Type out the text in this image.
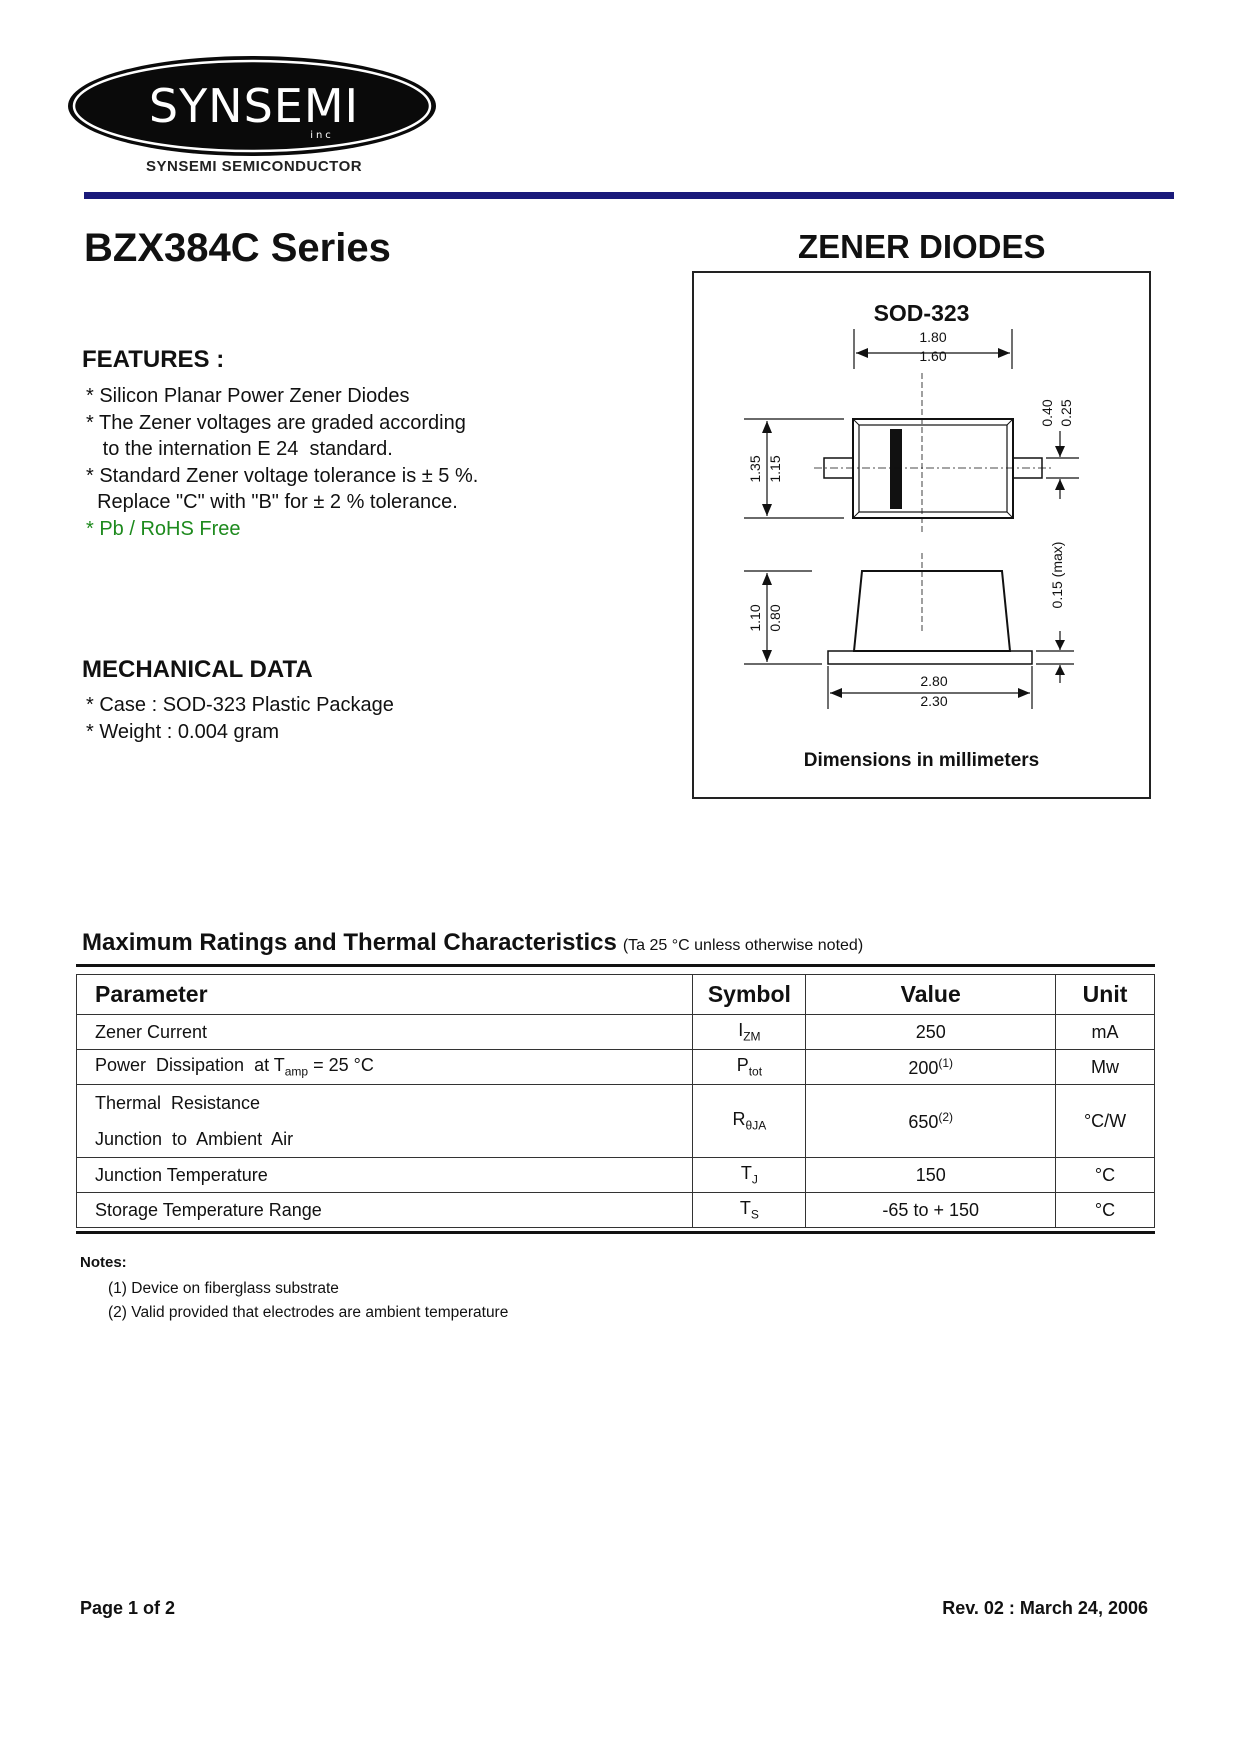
SYNSEMI
inc
SYNSEMI SEMICONDUCTOR
BZX384C Series	ZENER DIODES
FEATURES :
* Silicon Planar Power Zener Diodes
* The Zener voltages are graded according
to the internation E 24  standard.
* Standard Zener voltage tolerance is ± 5 %.
Replace "C" with "B" for ± 2 % tolerance.
* Pb / RoHS Free
MECHANICAL DATA
* Case : SOD-323 Plastic Package
* Weight : 0.004 gram
SOD-323
1.80
1.60
1.35 1.15
0.40 0.25
1.10 0.80
0.15 (max)
2.80
2.30
Dimensions in millimeters
Maximum Ratings and Thermal Characteristics (Ta 25 °C unless otherwise noted)
Parameter	Symbol	Value	Unit
Zener Current	$I_{ZM}$	250	mA
Power  Dissipation  at $T_{amp} = 25$ °C	$P_{tot}$	200$^{(1)}$	Mw

Thermal  Resistance
Junction  to  Ambient  Air	$R_{\theta JA}$	650$^{(2)}$	°C/W
Junction Temperature	$T_J$	150	°C
Storage Temperature Range	$T_S$	-65 to + 150	°C
Notes:
(1) Device on fiberglass substrate
(2) Valid provided that electrodes are ambient temperature
Page 1 of 2	Rev. 02 : March 24, 2006
